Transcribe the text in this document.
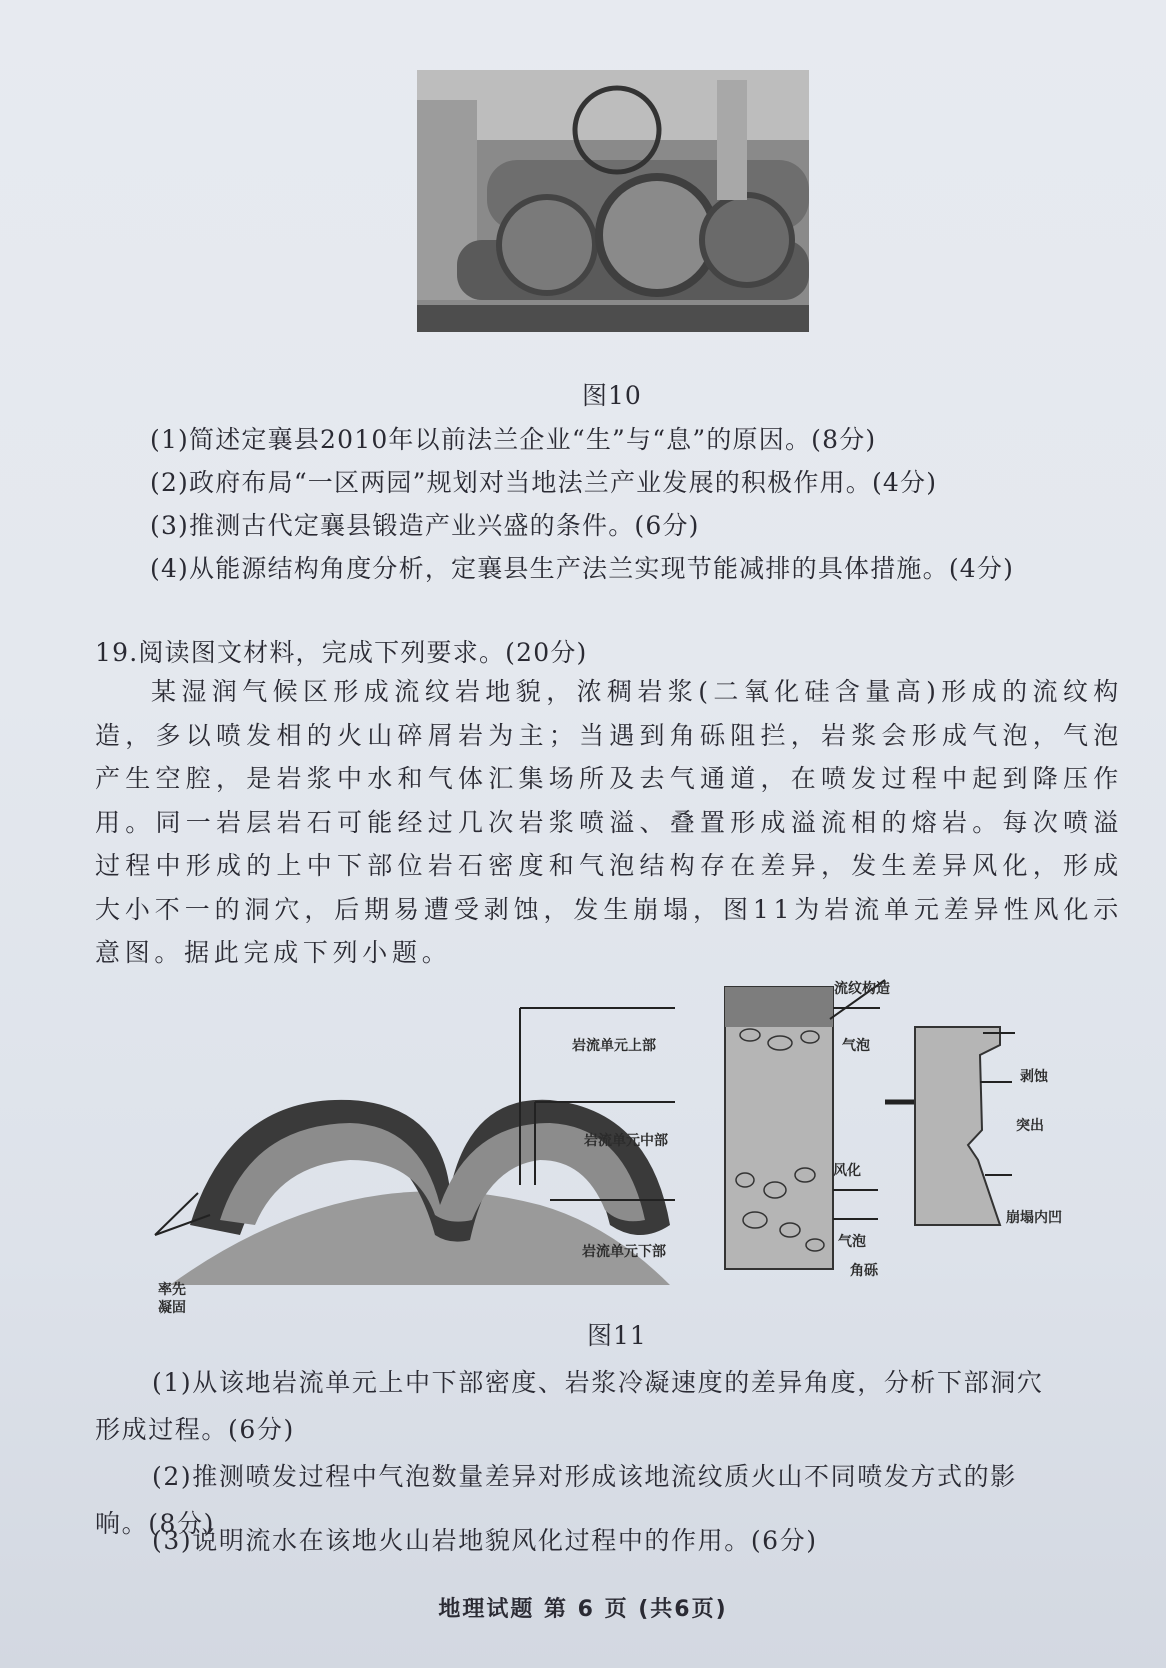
图10
(1)简述定襄县2010年以前法兰企业“生”与“息”的原因。(8分)
(2)政府布局“一区两园”规划对当地法兰产业发展的积极作用。(4分)
(3)推测古代定襄县锻造产业兴盛的条件。(6分)
(4)从能源结构角度分析，定襄县生产法兰实现节能减排的具体措施。(4分)
19.阅读图文材料，完成下列要求。(20分)
某湿润气候区形成流纹岩地貌，浓稠岩浆(二氧化硅含量高)形成的流纹构造，多以喷发相的火山碎屑岩为主；当遇到角砾阻拦，岩浆会形成气泡，气泡产生空腔，是岩浆中水和气体汇集场所及去气通道，在喷发过程中起到降压作用。同一岩层岩石可能经过几次岩浆喷溢、叠置形成溢流相的熔岩。每次喷溢过程中形成的上中下部位岩石密度和气泡结构存在差异，发生差异风化，形成大小不一的洞穴，后期易遭受剥蚀，发生崩塌，图11为岩流单元差异性风化示意图。据此完成下列小题。
率先
凝固
岩流单元上部
岩流单元中部
岩流单元下部
流纹构造
气泡
风化
气泡
角砾
剥蚀
突出
崩塌内凹
图11
(1)从该地岩流单元上中下部密度、岩浆冷凝速度的差异角度，分析下部洞穴
形成过程。(6分)
(2)推测喷发过程中气泡数量差异对形成该地流纹质火山不同喷发方式的影
响。(8分)
(3)说明流水在该地火山岩地貌风化过程中的作用。(6分)
地理试题 第 6 页 (共6页)
